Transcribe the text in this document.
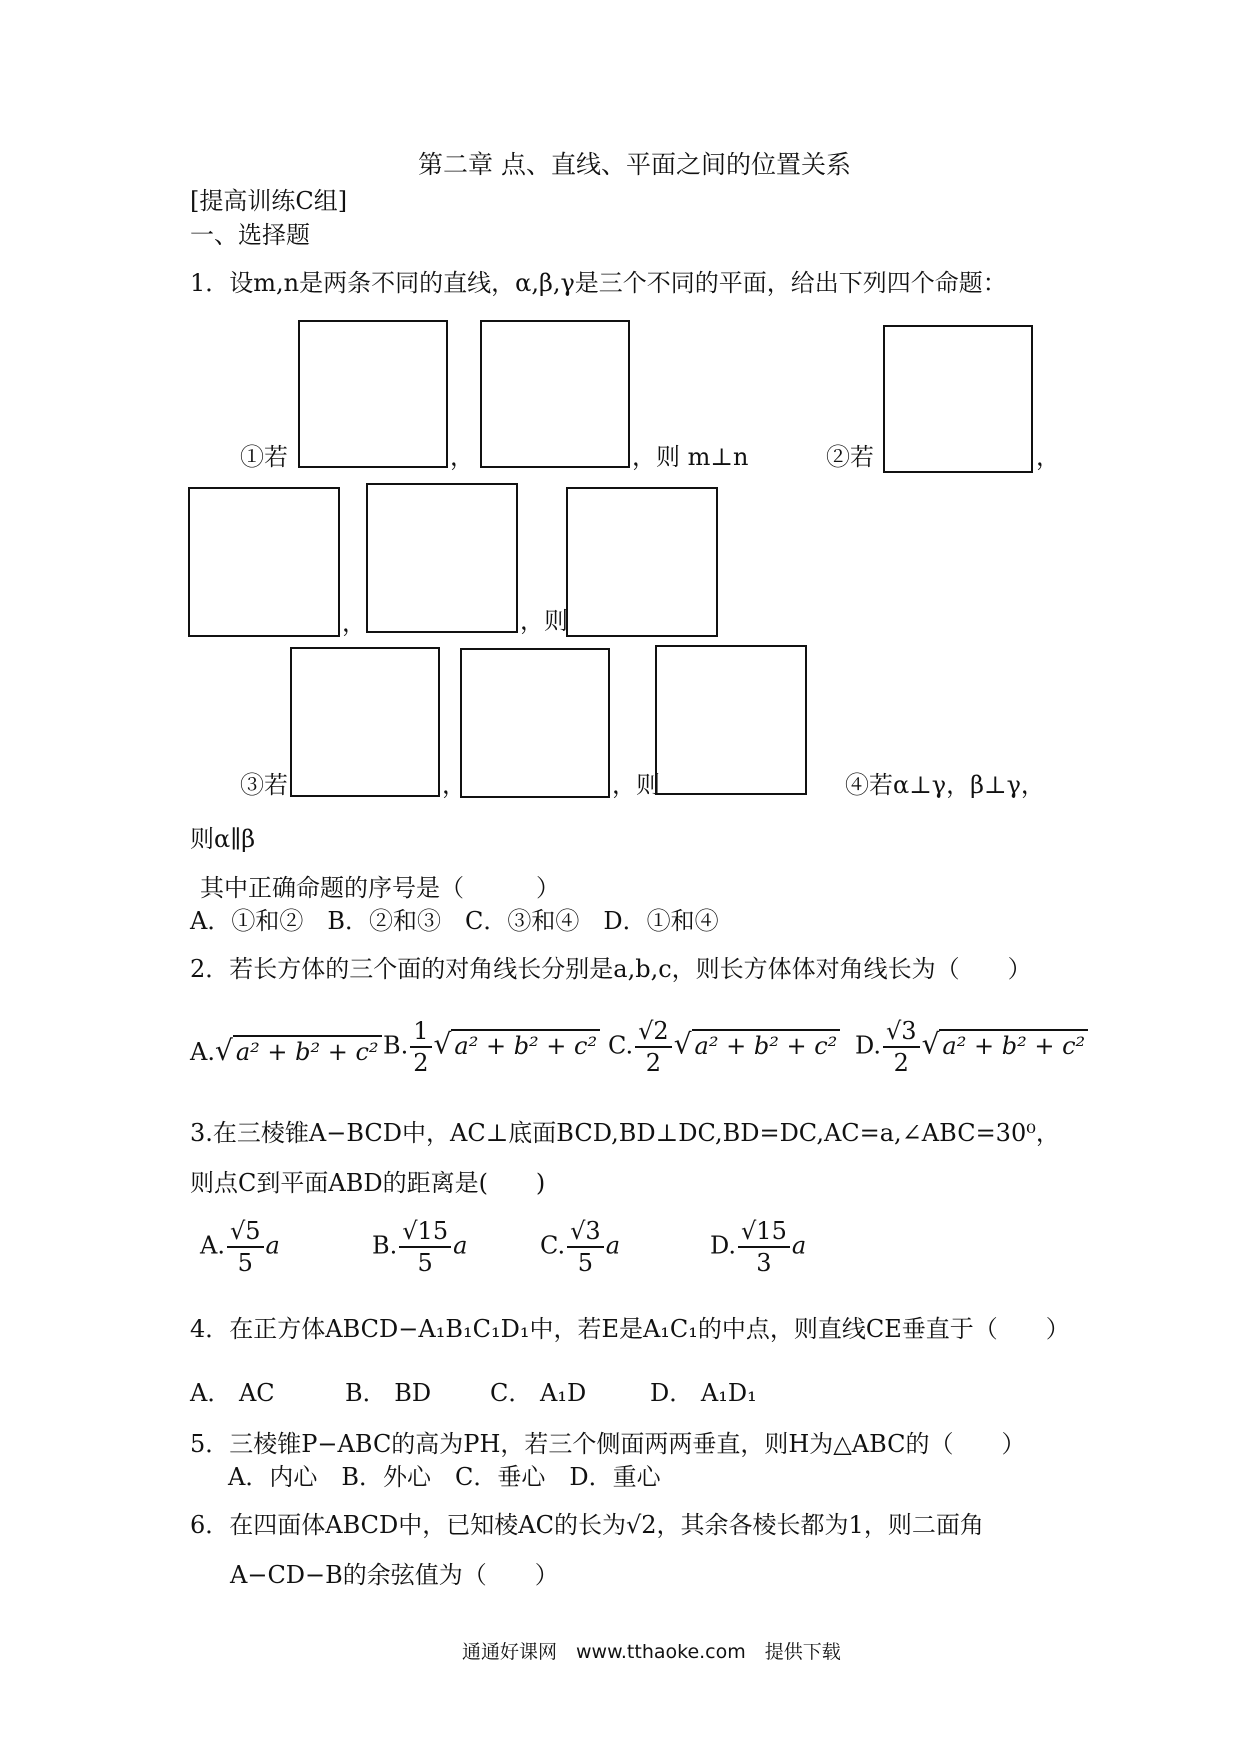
第二章 点、直线、平面之间的位置关系
[提高训练C组]
一、选择题
1．设m,n是两条不同的直线，α,β,γ是三个不同的平面，给出下列四个命题：
①若	，	，则 m⊥n	②若	，
，	，则
③若	，	，则	④若α⊥γ，β⊥γ，
则α∥β
其中正确命题的序号是（　　　）
A．①和②　B．②和③　C．③和④　D．①和④
2．若长方体的三个面的对角线长分别是a,b,c，则长方体体对角线长为（　　）
A.√ a² + b² + c² B. $\frac{1}{2}$ √ a² + b² + c² C. $\frac{√2}{2}$ √ a² + b² + c² D. $\frac{√3}{2}$ √ a² + b² + c²
3.在三棱锥A−BCD中，AC⊥底面BCD,BD⊥DC,BD=DC,AC=a,∠ABC=30⁰，
则点C到平面ABD的距离是(　　)
A. $\frac{√5}{5}$ a	B. $\frac{√15}{5}$ a	C. $\frac{√3}{5}$ a	D. $\frac{√15}{3}$ a
4．在正方体ABCD−A₁B₁C₁D₁中，若E是A₁C₁的中点，则直线CE垂直于（　　）
A． AC	B． BD C． A₁D	D． A₁D₁
5．三棱锥P−ABC的高为PH，若三个侧面两两垂直，则H为△ABC的（　　）
A．内心　B．外心　C．垂心　D．重心
6．在四面体ABCD中，已知棱AC的长为√2，其余各棱长都为1，则二面角
A−CD−B的余弦值为（　　）
通通好课网　www.tthaoke.com　提供下载
